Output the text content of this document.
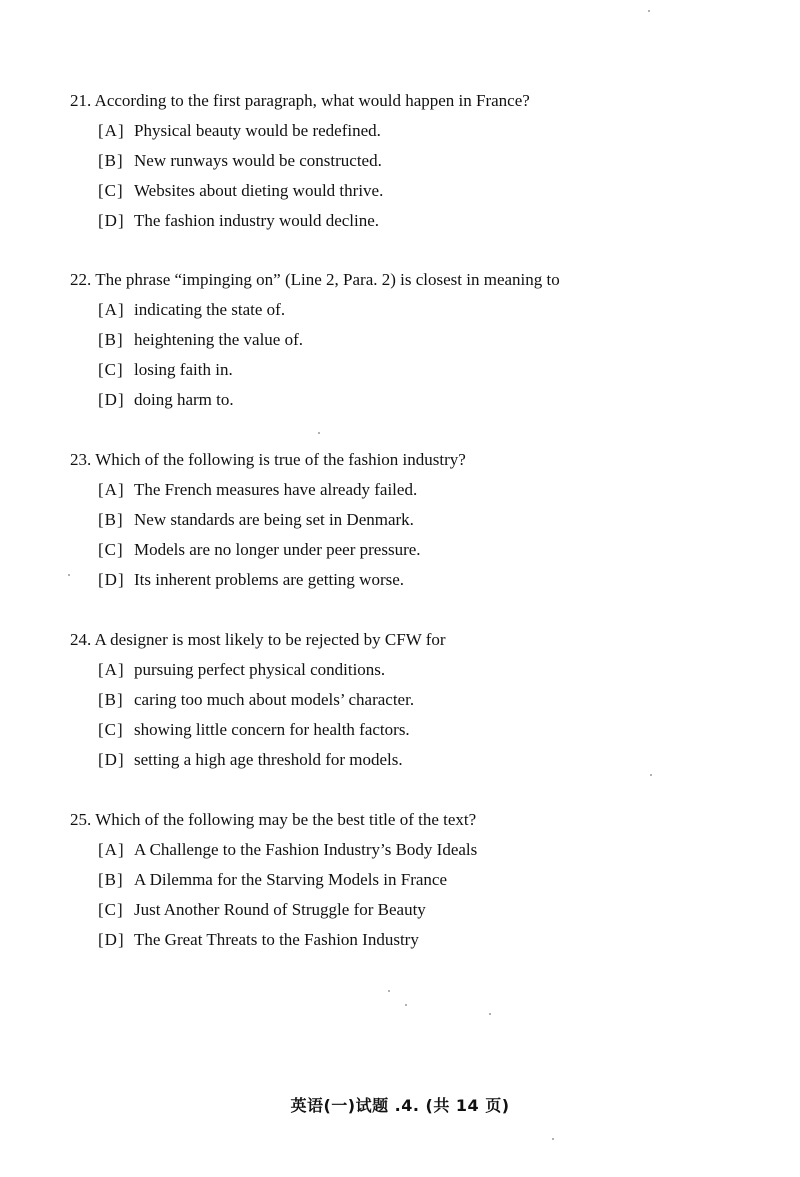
21. According to the first paragraph, what would happen in France?
[A] Physical beauty would be redefined.
[B] New runways would be constructed.
[C] Websites about dieting would thrive.
[D] The fashion industry would decline.
22. The phrase “impinging on” (Line 2, Para. 2) is closest in meaning to
[A] indicating the state of.
[B] heightening the value of.
[C] losing faith in.
[D] doing harm to.
23. Which of the following is true of the fashion industry?
[A] The French measures have already failed.
[B] New standards are being set in Denmark.
[C] Models are no longer under peer pressure.
[D] Its inherent problems are getting worse.
24. A designer is most likely to be rejected by CFW for
[A] pursuing perfect physical conditions.
[B] caring too much about models’ character.
[C] showing little concern for health factors.
[D] setting a high age threshold for models.
25. Which of the following may be the best title of the text?
[A] A Challenge to the Fashion Industry’s Body Ideals
[B] A Dilemma for the Starving Models in France
[C] Just Another Round of Struggle for Beauty
[D] The Great Threats to the Fashion Industry
英语(一)试题 .4. (共 14 页)
